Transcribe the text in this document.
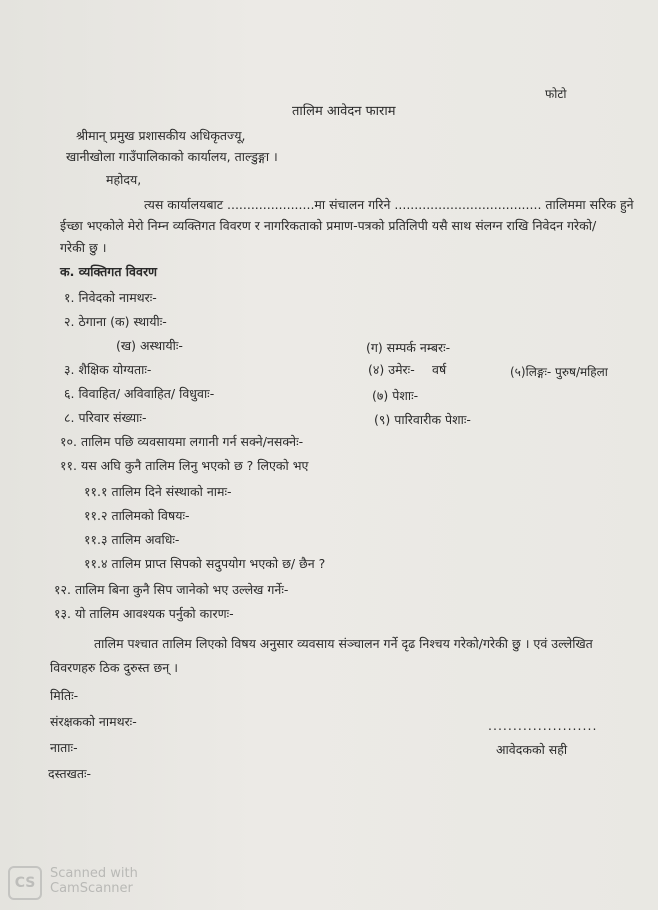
फोटो
तालिम आवेदन फाराम
श्रीमान् प्रमुख प्रशासकीय अधिकृतज्यू,
खानीखोला गाउँपालिकाको कार्यालय, ताल्डुङ्गा ।
महोदय,
त्यस कार्यालयबाट ......................मा संचालन गरिने ..................................... तालिममा सरिक हुने
ईच्छा भएकोले मेरो निम्न व्यक्तिगत विवरण र नागरिकताको प्रमाण-पत्रको प्रतिलिपी यसै साथ संलग्न राखि निवेदन गरेको/
गरेकी छु ।
क. व्यक्तिगत विवरण
१. निवेदको नामथरः-
२. ठेगाना (क) स्थायीः-
(ख) अस्थायीः-	(ग) सम्पर्क नम्बरः-
३. शैक्षिक योग्यताः-	(४) उमेरः- वर्ष	(५)लिङ्गः- पुरुष/महिला
६. विवाहित/ अविवाहित/ विधुवाः-	(७) पेशाः-
८. परिवार संख्याः-	(९) पारिवारीक पेशाः-
१०. तालिम पछि व्यवसायमा लगानी गर्न सक्ने/नसक्नेः-
११. यस अघि कुनै तालिम लिनु भएको छ ? लिएको भए
११.१ तालिम दिने संस्थाको नामः-
११.२ तालिमको विषयः-
११.३ तालिम अवधिः-
११.४ तालिम प्राप्त सिपको सदुपयोग भएको छ/ छैन ?
१२. तालिम बिना कुनै सिप जानेको भए उल्लेख गर्नेः-
१३. यो तालिम आवश्यक पर्नुको कारणः-
तालिम पश्चात तालिम लिएको विषय अनुसार व्यवसाय संञ्चालन गर्ने दृढ निश्चय गरेको/गरेकी छु । एवं उल्लेखित
विवरणहरु ठिक दुरुस्त छन् ।
मितिः-
संरक्षकको नामथरः-	......................
नाताः-	आवेदकको सही
दस्तखतः-
CS
Scanned with
CamScanner
